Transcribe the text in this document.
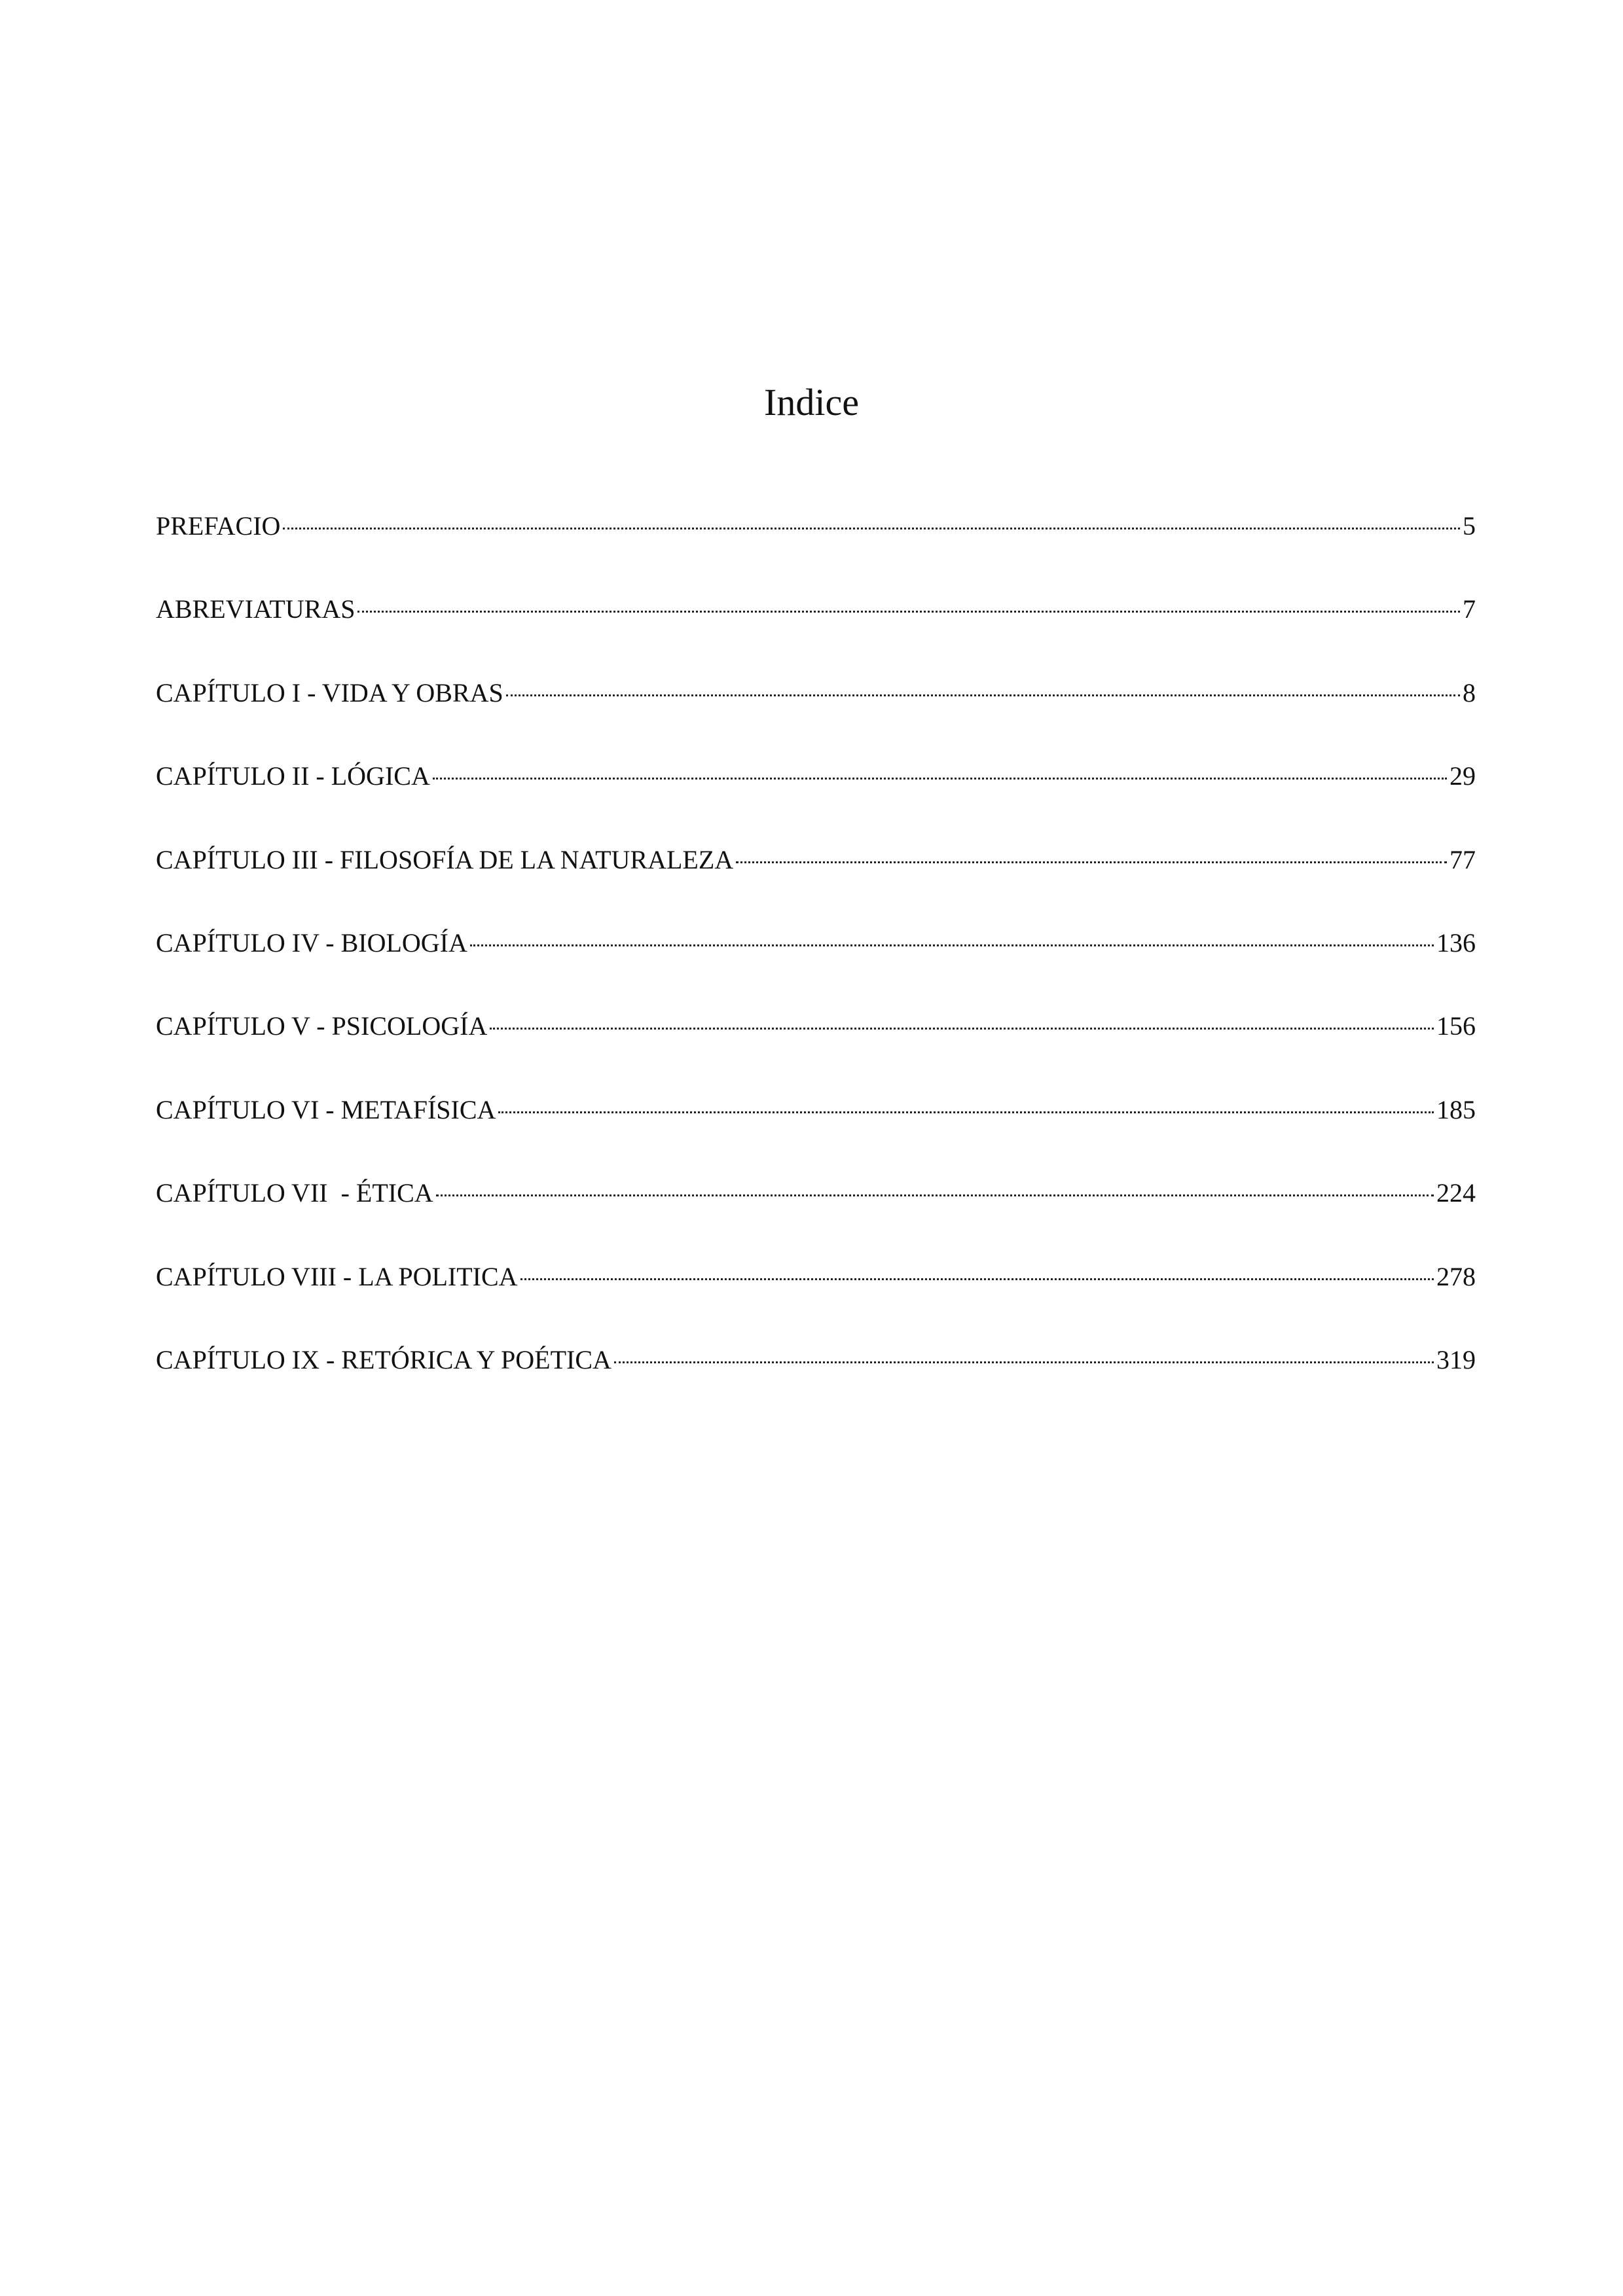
Indice
PREFACIO	5
ABREVIATURAS	7
CAPÍTULO I - VIDA Y OBRAS	8
CAPÍTULO II - LÓGICA	29
CAPÍTULO III - FILOSOFÍA DE LA NATURALEZA	77
CAPÍTULO IV - BIOLOGÍA	136
CAPÍTULO V - PSICOLOGÍA	156
CAPÍTULO VI - METAFÍSICA	185
CAPÍTULO VII  - ÉTICA	224
CAPÍTULO VIII - LA POLITICA	278
CAPÍTULO IX - RETÓRICA Y POÉTICA	319
